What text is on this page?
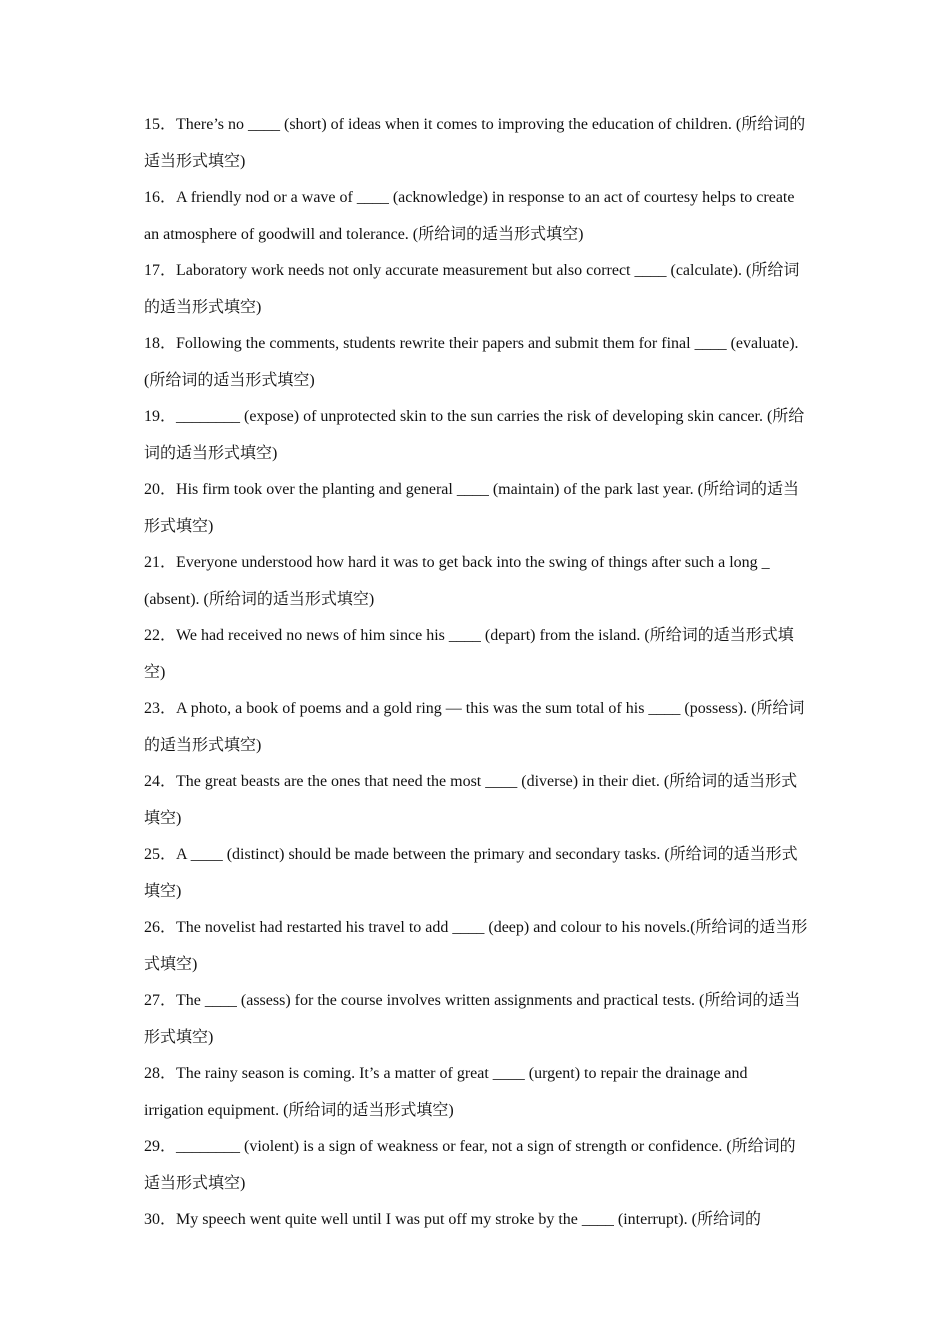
15．There’s no ____ (short) of ideas when it comes to improving the education of children. (所给词的适当形式填空)

16．A friendly nod or a wave of ____ (acknowledge) in response to an act of courtesy helps to create an atmosphere of goodwill and tolerance. (所给词的适当形式填空)

17．Laboratory work needs not only accurate measurement but also correct ____ (calculate). (所给词的适当形式填空)

18．Following the comments, students rewrite their papers and submit them for final ____ (evaluate). (所给词的适当形式填空)

19．________ (expose) of unprotected skin to the sun carries the risk of developing skin cancer. (所给词的适当形式填空)

20．His firm took over the planting and general ____ (maintain) of the park last year. (所给词的适当形式填空)

21．Everyone understood how hard it was to get back into the swing of things after such a long _ (absent). (所给词的适当形式填空)

22．We had received no news of him since his ____ (depart) from the island. (所给词的适当形式填空)

23．A photo, a book of poems and a gold ring — this was the sum total of his ____ (possess). (所给词的适当形式填空)

24．The great beasts are the ones that need the most ____ (diverse) in their diet. (所给词的适当形式填空)

25．A ____ (distinct) should be made between the primary and secondary tasks. (所给词的适当形式填空)

26．The novelist had restarted his travel to add ____ (deep) and colour to his novels.(所给词的适当形式填空)

27．The ____ (assess) for the course involves written assignments and practical tests. (所给词的适当形式填空)

28．The rainy season is coming. It’s a matter of great ____ (urgent) to repair the drainage and irrigation equipment. (所给词的适当形式填空)

29．________ (violent) is a sign of weakness or fear, not a sign of strength or confidence. (所给词的适当形式填空)

30．My speech went quite well until I was put off my stroke by the ____ (interrupt). (所给词的
